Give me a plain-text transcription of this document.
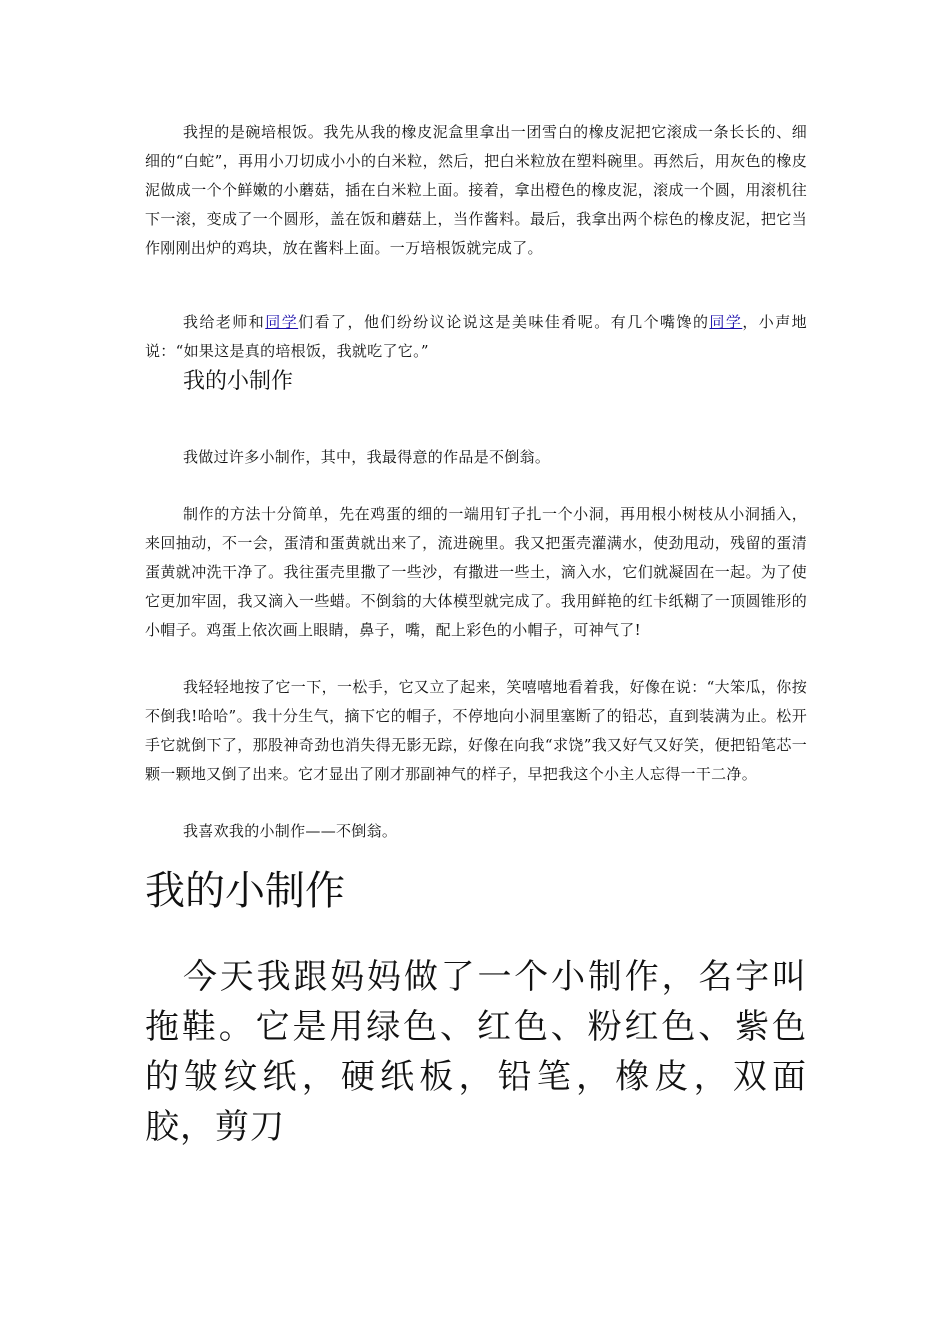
我捏的是碗培根饭。我先从我的橡皮泥盒里拿出一团雪白的橡皮泥把它滚成一条长长的、细细的“白蛇”，再用小刀切成小小的白米粒，然后，把白米粒放在塑料碗里。再然后，用灰色的橡皮泥做成一个个鲜嫩的小蘑菇，插在白米粒上面。接着，拿出橙色的橡皮泥，滚成一个圆，用滚机往下一滚，变成了一个圆形，盖在饭和蘑菇上，当作酱料。最后，我拿出两个棕色的橡皮泥，把它当作刚刚出炉的鸡块，放在酱料上面。一万培根饭就完成了。

我给老师和同学们看了，他们纷纷议论说这是美味佳肴呢。有几个嘴馋的同学，小声地说：“如果这是真的培根饭，我就吃了它。”

我的小制作

我做过许多小制作，其中，我最得意的作品是不倒翁。

制作的方法十分简单，先在鸡蛋的细的一端用钉子扎一个小洞，再用根小树枝从小洞插入，来回抽动，不一会，蛋清和蛋黄就出来了，流进碗里。我又把蛋壳灌满水，使劲甩动，残留的蛋清蛋黄就冲洗干净了。我往蛋壳里撒了一些沙，有撒进一些土，滴入水，它们就凝固在一起。为了使它更加牢固，我又滴入一些蜡。不倒翁的大体模型就完成了。我用鲜艳的红卡纸糊了一顶圆锥形的小帽子。鸡蛋上依次画上眼睛，鼻子，嘴，配上彩色的小帽子，可神气了!

我轻轻地按了它一下，一松手，它又立了起来，笑嘻嘻地看着我，好像在说：“大笨瓜，你按不倒我!哈哈”。我十分生气，摘下它的帽子，不停地向小洞里塞断了的铅芯，直到装满为止。松开手它就倒下了，那股神奇劲也消失得无影无踪，好像在向我“求饶”我又好气又好笑，便把铅笔芯一颗一颗地又倒了出来。它才显出了刚才那副神气的样子，早把我这个小主人忘得一干二净。

我喜欢我的小制作——不倒翁。

我的小制作

今天我跟妈妈做了一个小制作，名字叫拖鞋。它是用绿色、红色、粉红色、紫色的皱纹纸，硬纸板，铅笔，橡皮，双面胶，剪刀
